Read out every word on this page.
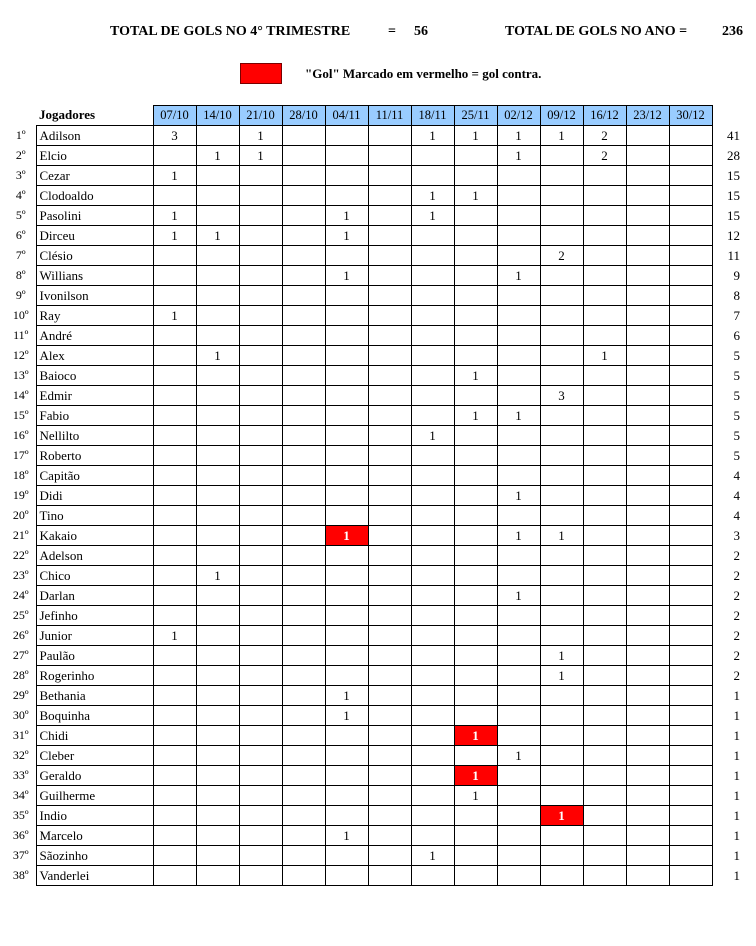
TOTAL DE GOLS NO 4° TRIMESTRE	= 56	TOTAL DE GOLS NO ANO = 236
"Gol" Marcado em vermelho = gol contra.
	Jogadores	07/10	14/10	21/10	28/10	04/11	11/11	18/11	25/11	02/12	09/12	16/12	23/12	30/12	
1º	Adilson	3		1				1	1	1	1	2			41
2º	Elcio		1	1						1		2			28
3º	Cezar	1													15
4º	Clodoaldo							1	1						15
5º	Pasolini	1				1		1							15
6º	Dirceu	1	1			1									12
7º	Clésio										2				11
8º	Willians					1				1					9
9º	Ivonilson														8
10º	Ray	1													7
11º	André														6
12º	Alex		1									1			5
13º	Baioco								1						5
14º	Edmir										3				5
15º	Fabio								1	1					5
16º	Nellilto							1							5
17º	Roberto														5
18º	Capitão														4
19º	Didi									1					4
20º	Tino														4
21º	Kakaio					1				1	1				3
22º	Adelson														2
23º	Chico		1												2
24º	Darlan									1					2
25º	Jefinho														2
26º	Junior	1													2
27º	Paulão										1				2
28º	Rogerinho										1				2
29º	Bethania					1									1
30º	Boquinha					1									1
31º	Chidi								1						1
32º	Cleber									1					1
33º	Geraldo								1						1
34º	Guilherme								1						1
35º	Indio										1				1
36º	Marcelo					1									1
37º	Sãozinho							1							1
38º	Vanderlei														1
